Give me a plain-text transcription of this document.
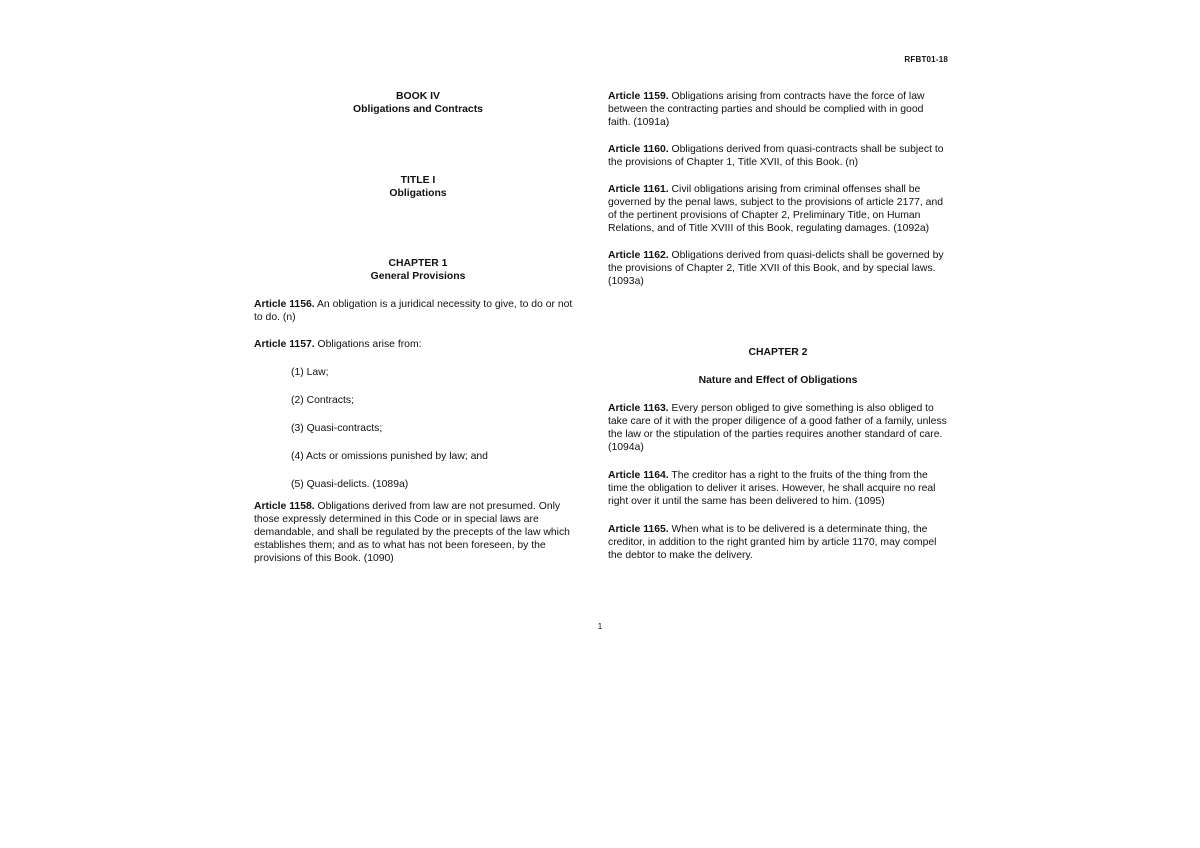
RFBT01-18
BOOK IV
Obligations and Contracts
TITLE I
Obligations
CHAPTER 1
General Provisions

Article 1156. An obligation is a juridical necessity to give, to do or not to do. (n)

Article 1157. Obligations arise from:

(1) Law;

(2) Contracts;

(3) Quasi-contracts;

(4) Acts or omissions punished by law; and

(5) Quasi-delicts. (1089a)

Article 1158. Obligations derived from law are not presumed. Only those expressly determined in this Code or in special laws are demandable, and shall be regulated by the precepts of the law which establishes them; and as to what has not been foreseen, by the provisions of this Book. (1090)

Article 1159. Obligations arising from contracts have the force of law between the contracting parties and should be complied with in good faith. (1091a)

Article 1160. Obligations derived from quasi-contracts shall be subject to the provisions of Chapter 1, Title XVII, of this Book. (n)

Article 1161. Civil obligations arising from criminal offenses shall be governed by the penal laws, subject to the provisions of article 2177, and of the pertinent provisions of Chapter 2, Preliminary Title, on Human Relations, and of Title XVIII of this Book, regulating damages. (1092a)

Article 1162. Obligations derived from quasi-delicts shall be governed by the provisions of Chapter 2, Title XVII of this Book, and by special laws. (1093a)

CHAPTER 2
Nature and Effect of Obligations

Article 1163. Every person obliged to give something is also obliged to take care of it with the proper diligence of a good father of a family, unless the law or the stipulation of the parties requires another standard of care. (1094a)

Article 1164. The creditor has a right to the fruits of the thing from the time the obligation to deliver it arises. However, he shall acquire no real right over it until the same has been delivered to him. (1095)

Article 1165. When what is to be delivered is a determinate thing, the creditor, in addition to the right granted him by article 1170, may compel the debtor to make the delivery.

1
